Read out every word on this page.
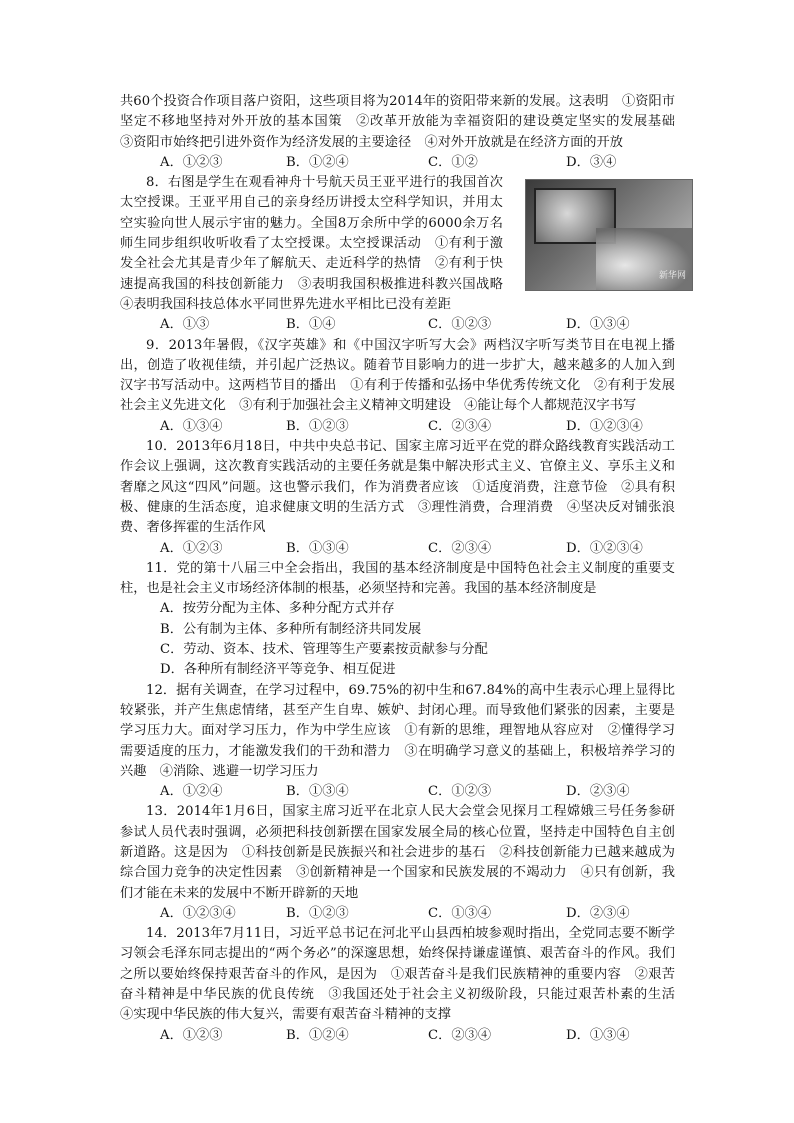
共60个投资合作项目落户资阳，这些项目将为2014年的资阳带来新的发展。这表明　①资阳市坚定不移地坚持对外开放的基本国策　②改革开放能为幸福资阳的建设奠定坚实的发展基础　③资阳市始终把引进外资作为经济发展的主要途径　④对外开放就是在经济方面的开放

A．①②③	B．①②④	C．①②	D．③④

8．右图是学生在观看神舟十号航天员王亚平进行的我国首次太空授课。王亚平用自己的亲身经历讲授太空科学知识，并用太空实验向世人展示宇宙的魅力。全国8万余所中学的6000余万名师生同步组织收听收看了太空授课。太空授课活动　①有利于激发全社会尤其是青少年了解航天、走近科学的热情　②有利于快速提高我国的科技创新能力　③表明我国积极推进科教兴国战略　④表明我国科技总体水平同世界先进水平相比已没有差距

新华网
A．①③	B．①④	C．①②③	D．①③④

9．2013年暑假，《汉字英雄》和《中国汉字听写大会》两档汉字听写类节目在电视上播出，创造了收视佳绩，并引起广泛热议。随着节目影响力的进一步扩大，越来越多的人加入到汉字书写活动中。这两档节目的播出　①有利于传播和弘扬中华优秀传统文化　②有利于发展社会主义先进文化　③有利于加强社会主义精神文明建设　④能让每个人都规范汉字书写

A．①③④	B．①②③	C．②③④	D．①②③④

10．2013年6月18日，中共中央总书记、国家主席习近平在党的群众路线教育实践活动工作会议上强调，这次教育实践活动的主要任务就是集中解决形式主义、官僚主义、享乐主义和奢靡之风这“四风”问题。这也警示我们，作为消费者应该　①适度消费，注意节俭　②具有积极、健康的生活态度，追求健康文明的生活方式　③理性消费，合理消费　④坚决反对铺张浪费、奢侈挥霍的生活作风

A．①②③	B．①③④	C．②③④	D．①②③④

11．党的第十八届三中全会指出，我国的基本经济制度是中国特色社会主义制度的重要支柱，也是社会主义市场经济体制的根基，必须坚持和完善。我国的基本经济制度是

A．按劳分配为主体、多种分配方式并存
B．公有制为主体、多种所有制经济共同发展
C．劳动、资本、技术、管理等生产要素按贡献参与分配
D．各种所有制经济平等竞争、相互促进

12．据有关调查，在学习过程中，69.75%的初中生和67.84%的高中生表示心理上显得比较紧张，并产生焦虑情绪，甚至产生自卑、嫉妒、封闭心理。而导致他们紧张的因素，主要是学习压力大。面对学习压力，作为中学生应该　①有新的思维，理智地从容应对　②懂得学习需要适度的压力，才能激发我们的干劲和潜力　③在明确学习意义的基础上，积极培养学习的兴趣　④消除、逃避一切学习压力

A．①②④	B．①③④	C．①②③	D．②③④

13．2014年1月6日，国家主席习近平在北京人民大会堂会见探月工程嫦娥三号任务参研参试人员代表时强调，必须把科技创新摆在国家发展全局的核心位置，坚持走中国特色自主创新道路。这是因为　①科技创新是民族振兴和社会进步的基石　②科技创新能力已越来越成为综合国力竞争的决定性因素　③创新精神是一个国家和民族发展的不竭动力　④只有创新，我们才能在未来的发展中不断开辟新的天地

A．①②③④	B．①②③	C．①③④	D．②③④

14．2013年7月11日，习近平总书记在河北平山县西柏坡参观时指出，全党同志要不断学习领会毛泽东同志提出的“两个务必”的深邃思想，始终保持谦虚谨慎、艰苦奋斗的作风。我们之所以要始终保持艰苦奋斗的作风，是因为　①艰苦奋斗是我们民族精神的重要内容　②艰苦奋斗精神是中华民族的优良传统　③我国还处于社会主义初级阶段，只能过艰苦朴素的生活　④实现中华民族的伟大复兴，需要有艰苦奋斗精神的支撑

A．①②③	B．①②④	C．②③④	D．①③④
